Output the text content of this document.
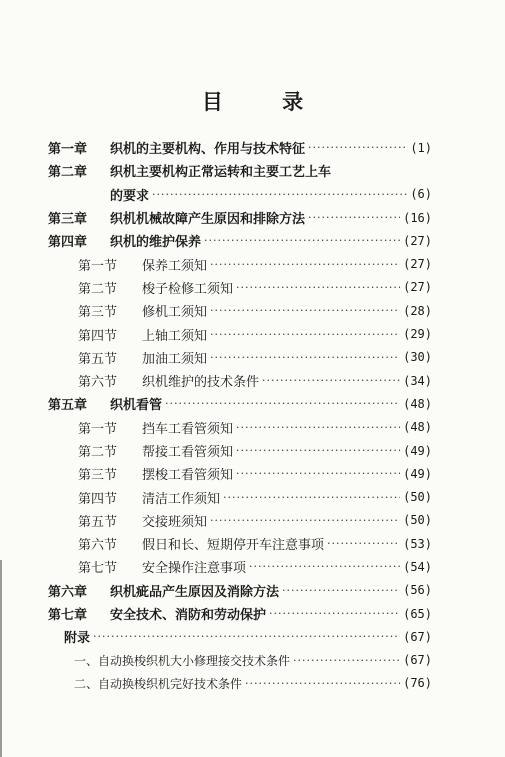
目 录
第一章	织机的主要机构、作用与技术特征 ·····	(1)
第二章	织机主要机构正常运转和主要工艺上车
的要求 ·····	(6)
第三章	织机机械故障产生原因和排除方法 ·····	(16)
第四章	织机的维护保养 ·····	(27)
第一节	保养工须知 ·····	(27)
第二节	梭子检修工须知 ·····	(27)
第三节	修机工须知 ·····	(28)
第四节	上轴工须知 ·····	(29)
第五节	加油工须知 ·····	(30)
第六节	织机维护的技术条件 ·····	(34)
第五章	织机看管 ·····	(48)
第一节	挡车工看管须知 ·····	(48)
第二节	帮接工看管须知 ·····	(49)
第三节	摆梭工看管须知 ·····	(49)
第四节	清洁工作须知 ·····	(50)
第五节	交接班须知 ·····	(50)
第六节	假日和长、短期停开车注意事项 ·····	(53)
第七节	安全操作注意事项 ·····	(54)
第六章	织机疵品产生原因及消除方法 ·····	(56)
第七章	安全技术、消防和劳动保护 ·····	(65)
附录 ·····	(67)
一、自动换梭织机大小修理接交技术条件 ·····	(67)
二、自动换梭织机完好技术条件 ·····	(76)
